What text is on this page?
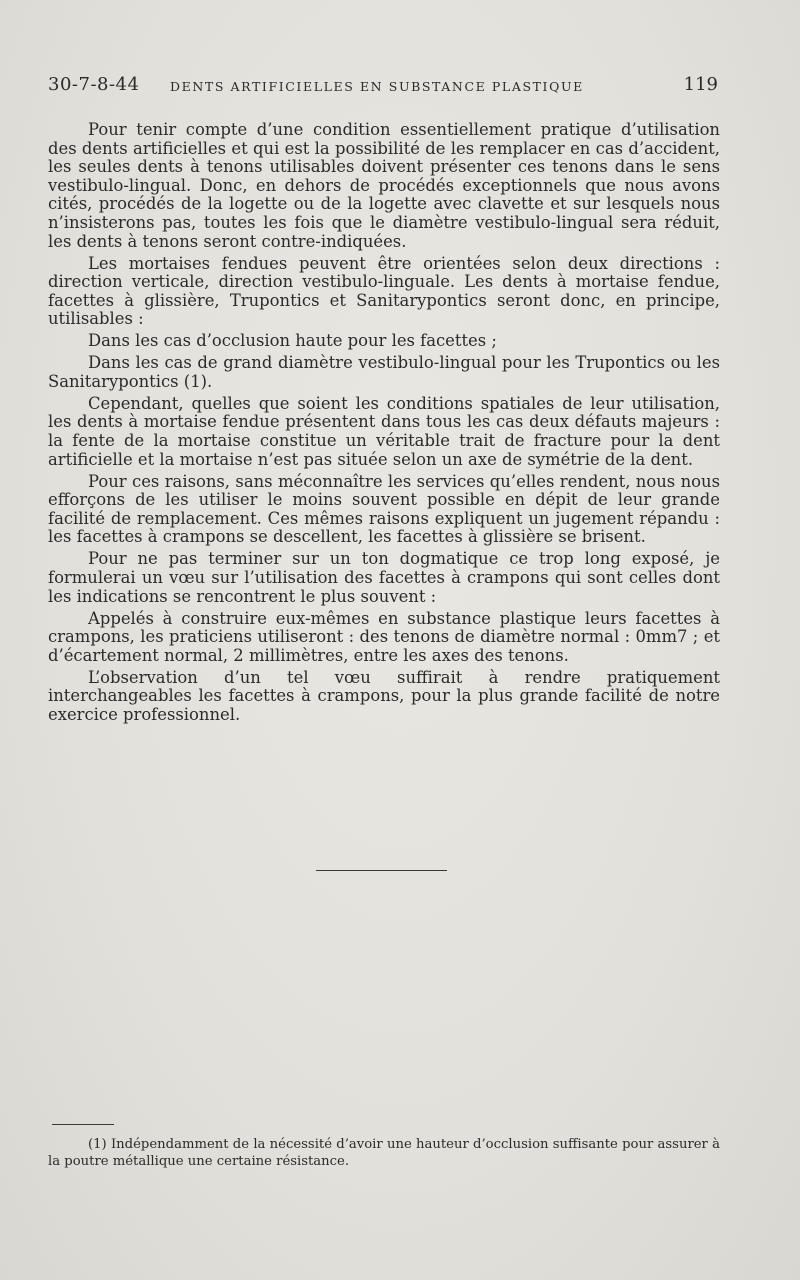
30-7-8-44 DENTS ARTIFICIELLES EN SUBSTANCE PLASTIQUE	119

Pour tenir compte d’une condition essentiellement pratique d’utilisation des dents artificielles et qui est la possibilité de les remplacer en cas d’accident, les seules dents à tenons utilisables doivent présenter ces tenons dans le sens vestibulo-lingual. Donc, en dehors de procédés exceptionnels que nous avons cités, procédés de la logette ou de la logette avec clavette et sur lesquels nous n’insisterons pas, toutes les fois que le diamètre vestibulo-lingual sera réduit, les dents à tenons seront contre-indiquées.

Les mortaises fendues peuvent être orientées selon deux directions : direction verticale, direction vestibulo-linguale. Les dents à mortaise fendue, facettes à glissière, Trupontics et Sanitarypontics seront donc, en principe, utilisables :

Dans les cas d’occlusion haute pour les facettes ;

Dans les cas de grand diamètre vestibulo-lingual pour les Trupontics ou les Sanitarypontics (1).

Cependant, quelles que soient les conditions spatiales de leur utilisation, les dents à mortaise fendue présentent dans tous les cas deux défauts majeurs : la fente de la mortaise constitue un véritable trait de fracture pour la dent artificielle et la mortaise n’est pas située selon un axe de symétrie de la dent.

Pour ces raisons, sans méconnaître les services qu’elles rendent, nous nous efforçons de les utiliser le moins souvent possible en dépit de leur grande facilité de remplacement. Ces mêmes raisons expliquent un jugement répandu : les facettes à crampons se descellent, les facettes à glissière se brisent.

Pour ne pas terminer sur un ton dogmatique ce trop long exposé, je formulerai un vœu sur l’utilisation des facettes à crampons qui sont celles dont les indications se rencontrent le plus souvent :

Appelés à construire eux-mêmes en substance plastique leurs facettes à crampons, les praticiens utiliseront : des tenons de diamètre normal : 0mm7 ; et d’écartement normal, 2 millimètres, entre les axes des tenons.

L’observation d’un tel vœu suffirait à rendre pratiquement interchangeables les facettes à crampons, pour la plus grande facilité de notre exercice professionnel.

(1) Indépendamment de la nécessité d’avoir une hauteur d’occlusion suffisante pour assurer à la poutre métallique une certaine résistance.
